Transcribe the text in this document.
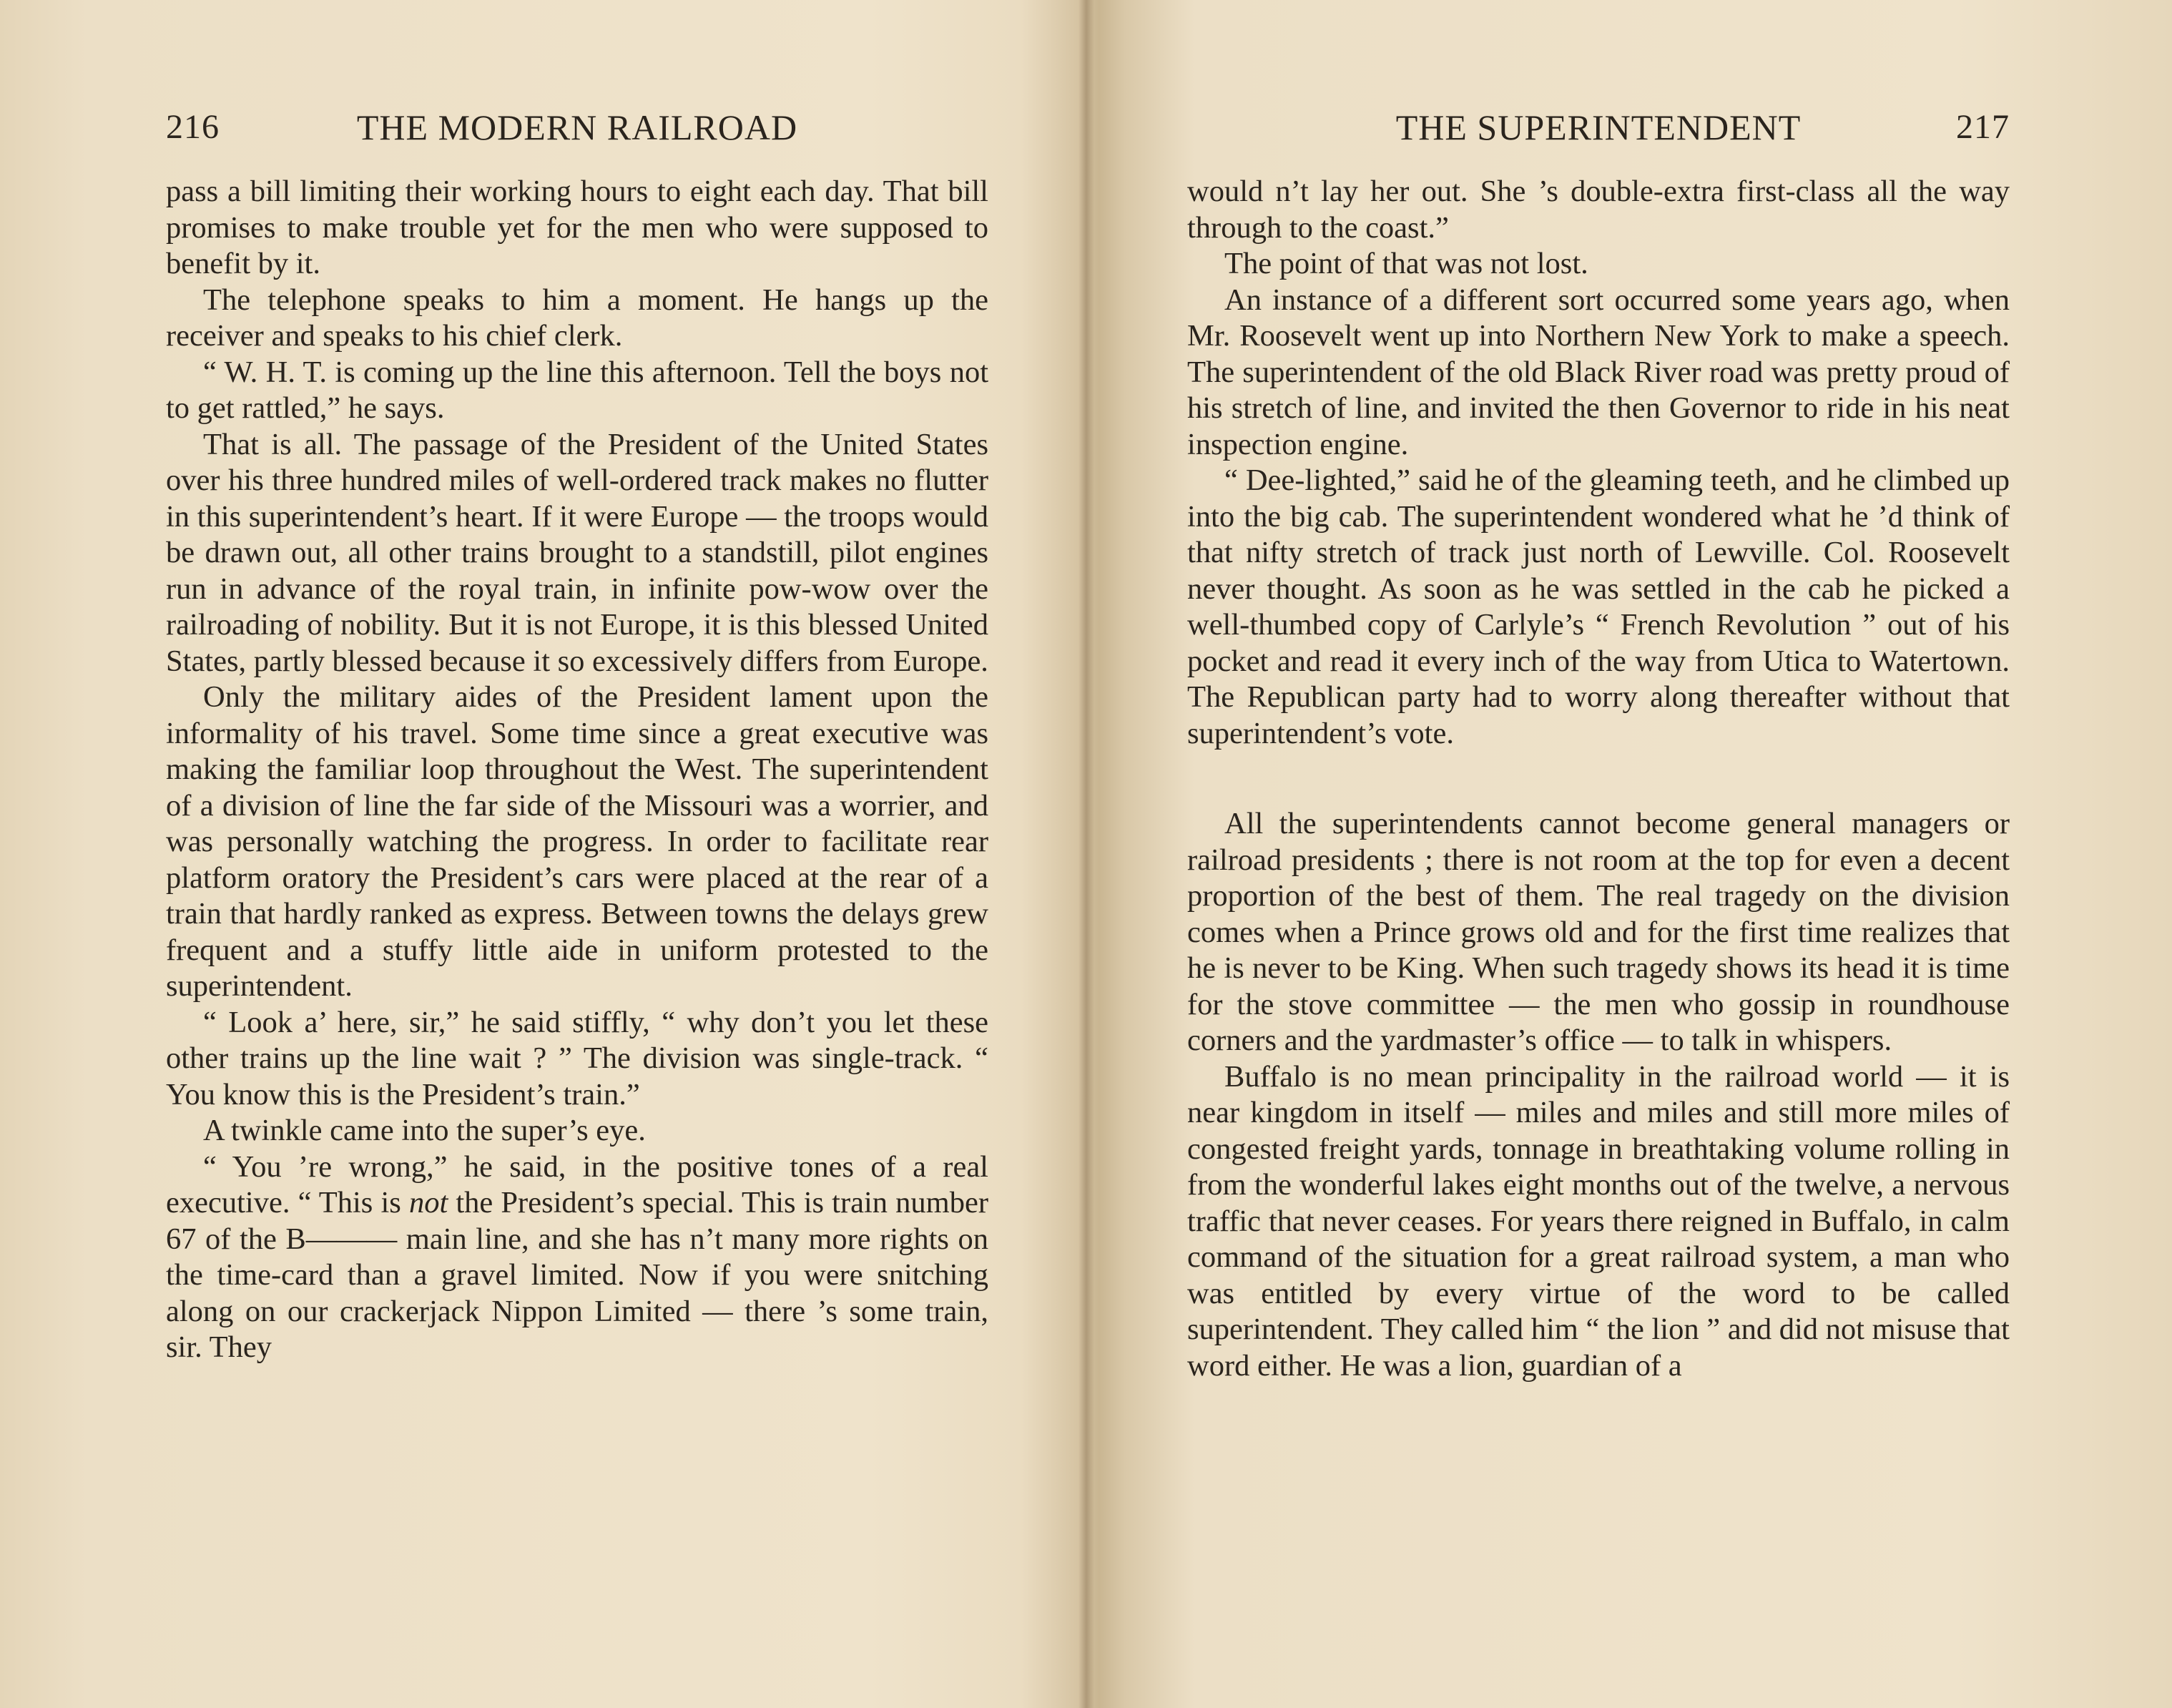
216	THE MODERN RAILROAD

pass a bill limiting their working hours to eight each day. That bill promises to make trouble yet for the men who were supposed to benefit by it.

The telephone speaks to him a moment. He hangs up the receiver and speaks to his chief clerk.

“ W. H. T. is coming up the line this afternoon. Tell the boys not to get rattled,” he says.

That is all. The passage of the President of the United States over his three hundred miles of well-ordered track makes no flutter in this superintendent’s heart. If it were Europe — the troops would be drawn out, all other trains brought to a standstill, pilot engines run in advance of the royal train, in infinite pow-wow over the railroading of nobility. But it is not Europe, it is this blessed United States, partly blessed because it so excessively differs from Europe.

Only the military aides of the President lament upon the informality of his travel. Some time since a great executive was making the familiar loop throughout the West. The superintendent of a division of line the far side of the Missouri was a worrier, and was personally watching the progress. In order to facilitate rear platform oratory the President’s cars were placed at the rear of a train that hardly ranked as express. Between towns the delays grew frequent and a stuffy little aide in uniform protested to the superintendent.

“ Look a’ here, sir,” he said stiffly, “ why don’t you let these other trains up the line wait ? ” The division was single-track. “ You know this is the President’s train.”

A twinkle came into the super’s eye.

“ You ’re wrong,” he said, in the positive tones of a real executive. “ This is not the President’s special. This is train number 67 of the B——— main line, and she has n’t many more rights on the time-card than a gravel limited. Now if you were snitching along on our crackerjack Nippon Limited — there ’s some train, sir. They

THE SUPERINTENDENT	217

would n’t lay her out. She ’s double-extra first-class all the way through to the coast.”

The point of that was not lost.

An instance of a different sort occurred some years ago, when Mr. Roosevelt went up into Northern New York to make a speech. The superintendent of the old Black River road was pretty proud of his stretch of line, and invited the then Governor to ride in his neat inspection engine.

“ Dee-lighted,” said he of the gleaming teeth, and he climbed up into the big cab. The superintendent wondered what he ’d think of that nifty stretch of track just north of Lewville. Col. Roosevelt never thought. As soon as he was settled in the cab he picked a well-thumbed copy of Carlyle’s “ French Revolution ” out of his pocket and read it every inch of the way from Utica to Watertown. The Republican party had to worry along thereafter without that superintendent’s vote.

All the superintendents cannot become general managers or railroad presidents ; there is not room at the top for even a decent proportion of the best of them. The real tragedy on the division comes when a Prince grows old and for the first time realizes that he is never to be King. When such tragedy shows its head it is time for the stove committee — the men who gossip in roundhouse corners and the yardmaster’s office — to talk in whispers.

Buffalo is no mean principality in the railroad world — it is near kingdom in itself — miles and miles and still more miles of congested freight yards, tonnage in breathtaking volume rolling in from the wonderful lakes eight months out of the twelve, a nervous traffic that never ceases. For years there reigned in Buffalo, in calm command of the situation for a great railroad system, a man who was entitled by every virtue of the word to be called superintendent. They called him “ the lion ” and did not misuse that word either. He was a lion, guardian of a
